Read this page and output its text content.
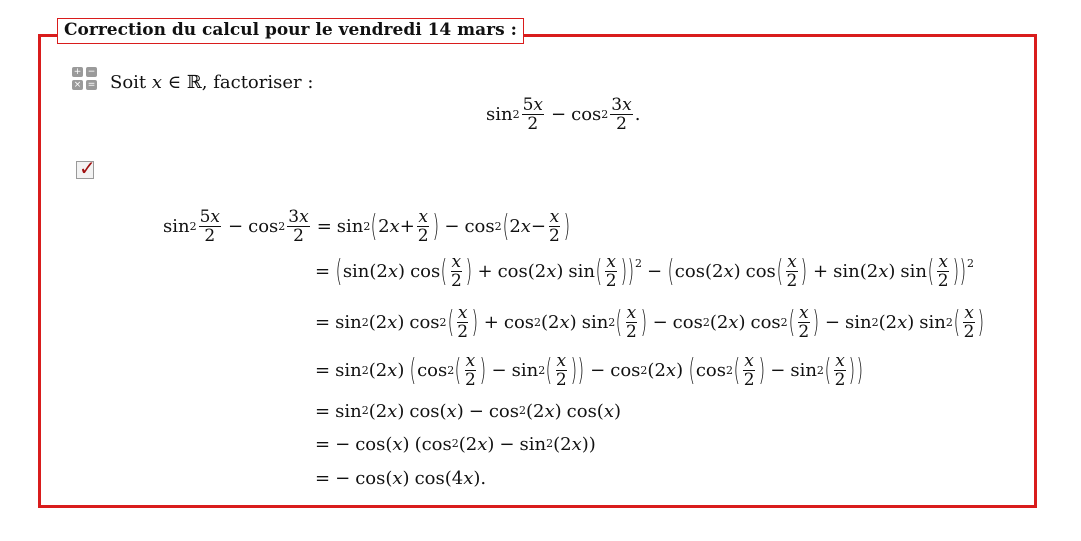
Correction du calcul pour le vendredi 14 mars :
+ −
× = Soit x ∈ ℝ, factoriser :
$\sin 2 \frac{5x}{2} - \cos 2 \frac{3x}{2}$ .
✓
$\sin 2 \frac{5x}{2} - \cos 2 \frac{3x}{2} = \sin 2$ ( 2 $x + \frac{x}{2}$ ) − cos 2 ( 2 $x - \frac{x}{2}$ )
= ( sin(2 x ) cos ( $\frac{x}{2}$ ) + cos(2 x ) sin ( $\frac{x}{2}$ ) ) 2 − ( cos(2 x ) cos ( $\frac{x}{2}$ ) + sin(2 x ) sin ( $\frac{x}{2}$ ) ) 2
= sin 2 (2 x ) cos 2 ( $\frac{x}{2}$ ) + cos 2 (2 x ) sin 2 ( $\frac{x}{2}$ ) − cos 2 (2 x ) cos 2 ( $\frac{x}{2}$ ) − sin 2 (2 x ) sin 2 ( $\frac{x}{2}$ )
= sin 2 (2 x ) ( cos 2 ( $\frac{x}{2}$ ) − sin 2 ( $\frac{x}{2}$ ) ) − cos 2 (2 x ) ( cos 2 ( $\frac{x}{2}$ ) − sin 2 ( $\frac{x}{2}$ ) )
= sin 2 (2 x ) cos( x ) − cos 2 (2 x ) cos( x )
= − cos( x ) (cos 2 (2 x ) − sin 2 (2 x ))
= − cos( x ) cos(4 x ).
